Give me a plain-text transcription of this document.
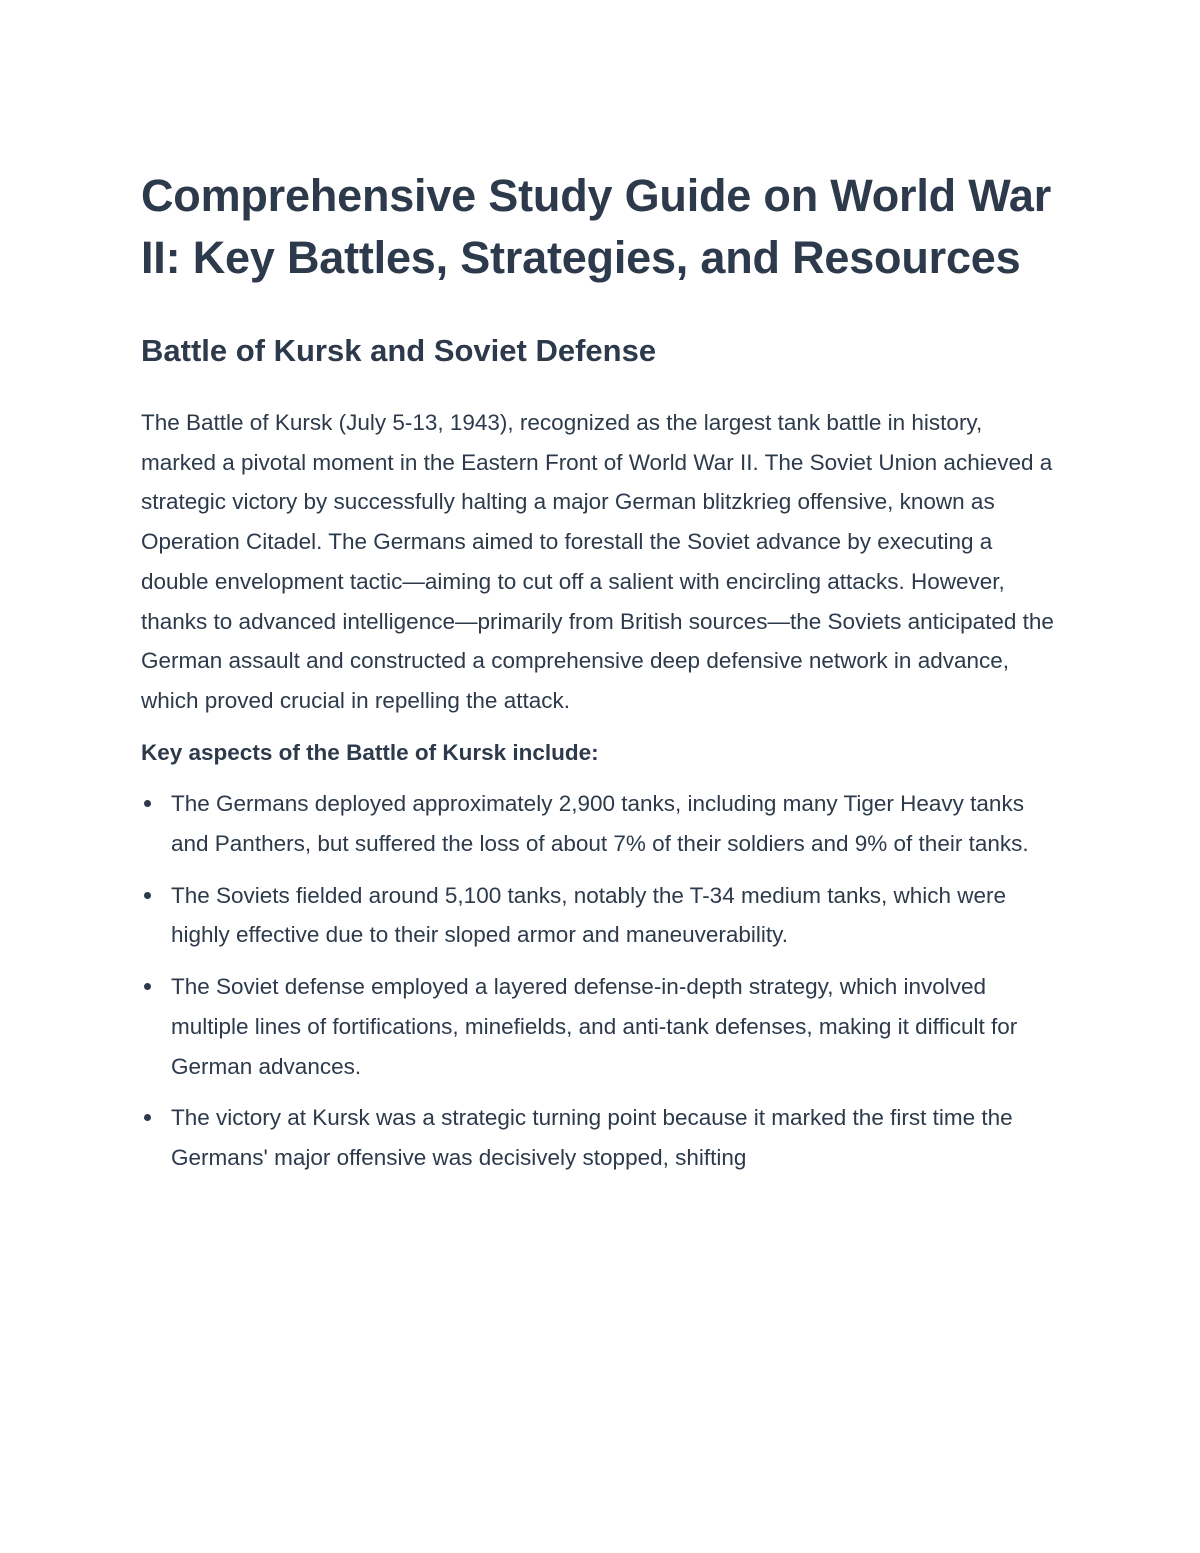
Comprehensive Study Guide on World War II: Key Battles, Strategies, and Resources
Battle of Kursk and Soviet Defense

The Battle of Kursk (July 5-13, 1943), recognized as the largest tank battle in history, marked a pivotal moment in the Eastern Front of World War II. The Soviet Union achieved a strategic victory by successfully halting a major German blitzkrieg offensive, known as Operation Citadel. The Germans aimed to forestall the Soviet advance by executing a double envelopment tactic—aiming to cut off a salient with encircling attacks. However, thanks to advanced intelligence—primarily from British sources—the Soviets anticipated the German assault and constructed a comprehensive deep defensive network in advance, which proved crucial in repelling the attack.

Key aspects of the Battle of Kursk include:

The Germans deployed approximately 2,900 tanks, including many Tiger Heavy tanks and Panthers, but suffered the loss of about 7% of their soldiers and 9% of their tanks.
The Soviets fielded around 5,100 tanks, notably the T-34 medium tanks, which were highly effective due to their sloped armor and maneuverability.
The Soviet defense employed a layered defense-in-depth strategy, which involved multiple lines of fortifications, minefields, and anti-tank defenses, making it difficult for German advances.
The victory at Kursk was a strategic turning point because it marked the first time the Germans' major offensive was decisively stopped, shifting
